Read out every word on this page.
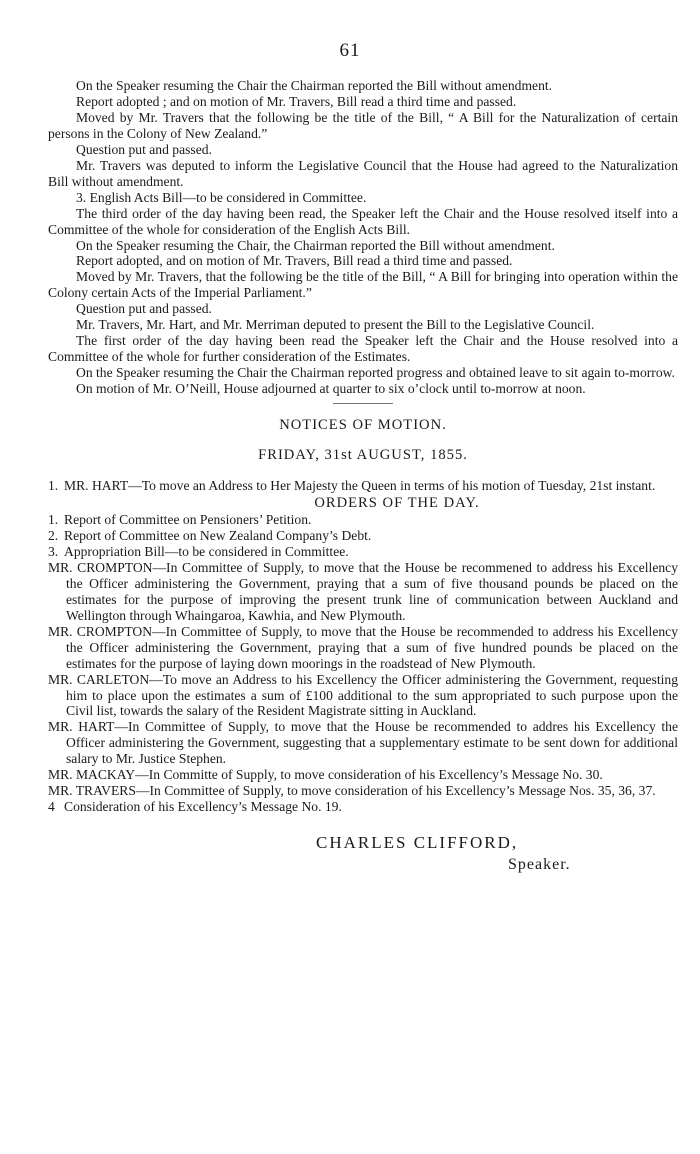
61

On the Speaker resuming the Chair the Chairman reported the Bill without amendment.

Report adopted ; and on motion of Mr. Travers, Bill read a third time and passed.

Moved by Mr. Travers that the following be the title of the Bill, “ A Bill for the Naturalization of certain persons in the Colony of New Zealand.”

Question put and passed.

Mr. Travers was deputed to inform the Legislative Council that the House had agreed to the Naturalization Bill without amendment.

3. English Acts Bill—to be considered in Committee.

The third order of the day having been read, the Speaker left the Chair and the House resolved itself into a Committee of the whole for consideration of the English Acts Bill.

On the Speaker resuming the Chair, the Chairman reported the Bill without amendment.

Report adopted, and on motion of Mr. Travers, Bill read a third time and passed.

Moved by Mr. Travers, that the following be the title of the Bill, “ A Bill for bringing into operation within the Colony certain Acts of the Imperial Parliament.”

Question put and passed.

Mr. Travers, Mr. Hart, and Mr. Merriman deputed to present the Bill to the Legislative Council.

The first order of the day having been read the Speaker left the Chair and the House resolved into a Committee of the whole for further consideration of the Estimates.

On the Speaker resuming the Chair the Chairman reported progress and obtained leave to sit again to-morrow.

On motion of Mr. O’Neill, House adjourned at quarter to six o’clock until to-morrow at noon.

NOTICES OF MOTION.
FRIDAY, 31st AUGUST, 1855.
1. MR. HART—To move an Address to Her Majesty the Queen in terms of his motion of Tuesday, 21st instant.
ORDERS OF THE DAY.
1. Report of Committee on Pensioners’ Petition.
2. Report of Committee on New Zealand Company’s Debt.
3. Appropriation Bill—to be considered in Committee.

MR. CROMPTON—In Committee of Supply, to move that the House be recommened to address his Excellency the Officer administering the Government, praying that a sum of five thousand pounds be placed on the estimates for the purpose of improving the present trunk line of communication between Auckland and Wellington through Whaingaroa, Kawhia, and New Plymouth.

MR. CROMPTON—In Committee of Supply, to move that the House be recommended to address his Excellency the Officer administering the Government, praying that a sum of five hundred pounds be placed on the estimates for the purpose of laying down moorings in the roadstead of New Plymouth.

MR. CARLETON—To move an Address to his Excellency the Officer administering the Government, requesting him to place upon the estimates a sum of £100 additional to the sum appropriated to such purpose upon the Civil list, towards the salary of the Resident Magistrate sitting in Auckland.

MR. HART—In Committee of Supply, to move that the House be recommended to addres his Excellency the Officer administering the Government, suggesting that a supplementary estimate to be sent down for additional salary to Mr. Justice Stephen.

MR. MACKAY—In Committe of Supply, to move consideration of his Excellency’s Message No. 30.

MR. TRAVERS—In Committee of Supply, to move consideration of his Excellency’s Message Nos. 35, 36, 37.

4 Consideration of his Excellency’s Message No. 19.
CHARLES CLIFFORD,
Speaker.
